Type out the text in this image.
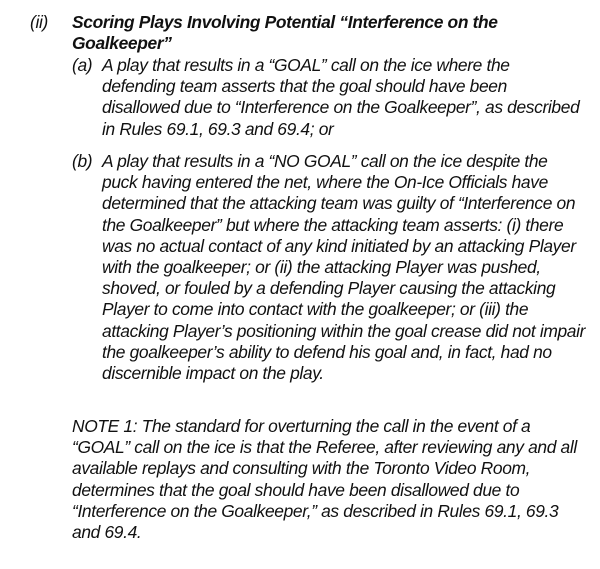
(ii) Scoring Plays Involving Potential “Interference on the
Goalkeeper”
(a) A play that results in a “GOAL” call on the ice where the
defending team asserts that the goal should have been
disallowed due to “Interference on the Goalkeeper”, as described
in Rules 69.1, 69.3 and 69.4; or
(b) A play that results in a “NO GOAL” call on the ice despite the
puck having entered the net, where the On-Ice Officials have
determined that the attacking team was guilty of “Interference on
the Goalkeeper” but where the attacking team asserts: (i) there
was no actual contact of any kind initiated by an attacking Player
with the goalkeeper; or (ii) the attacking Player was pushed,
shoved, or fouled by a defending Player causing the attacking
Player to come into contact with the goalkeeper; or (iii) the
attacking Player’s positioning within the goal crease did not impair
the goalkeeper’s ability to defend his goal and, in fact, had no
discernible impact on the play.
NOTE 1: The standard for overturning the call in the event of a
“GOAL” call on the ice is that the Referee, after reviewing any and all
available replays and consulting with the Toronto Video Room,
determines that the goal should have been disallowed due to
“Interference on the Goalkeeper,” as described in Rules 69.1, 69.3
and 69.4.
